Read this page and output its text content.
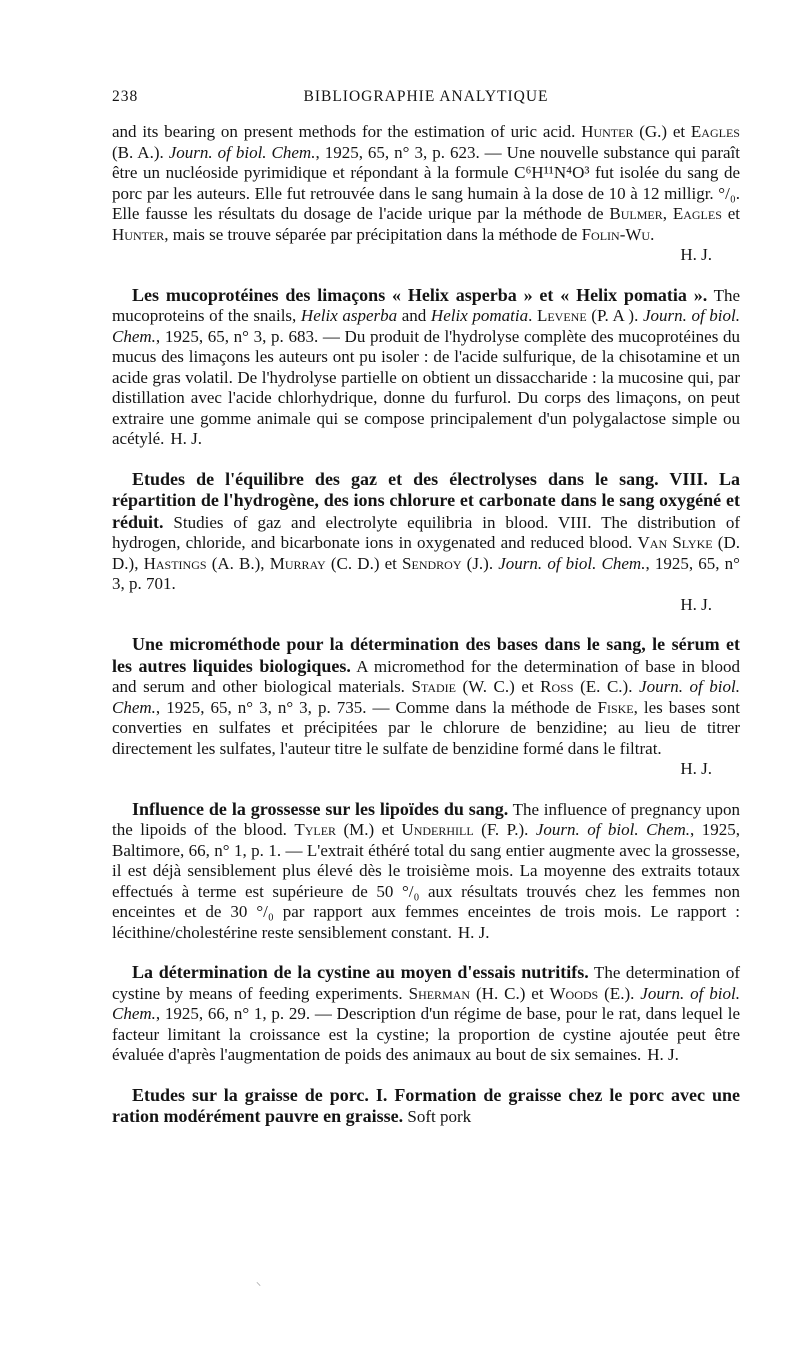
238	BIBLIOGRAPHIE ANALYTIQUE

and its bearing on present methods for the estimation of uric acid. Hunter (G.) et Eagles (B. A.). Journ. of biol. Chem., 1925, 65, n° 3, p. 623. — Une nouvelle substance qui paraît être un nucléoside pyrimidique et répondant à la formule C⁶H¹¹N⁴O³ fut isolée du sang de porc par les auteurs. Elle fut retrouvée dans le sang humain à la dose de 10 à 12 milligr. °/₀. Elle fausse les résultats du dosage de l'acide urique par la méthode de Bulmer, Eagles et Hunter, mais se trouve séparée par précipitation dans la méthode de Folin-Wu.
H. J.

Les mucoprotéines des limaçons « Helix asperba » et « Helix pomatia ». The mucoproteins of the snails, Helix asperba and Helix pomatia. Levene (P. A ). Journ. of biol. Chem., 1925, 65, n° 3, p. 683. — Du produit de l'hydrolyse complète des mucoprotéines du mucus des limaçons les auteurs ont pu isoler : de l'acide sulfurique, de la chisotamine et un acide gras volatil. De l'hydrolyse partielle on obtient un dissaccharide : la mucosine qui, par distillation avec l'acide chlorhydrique, donne du furfurol. Du corps des limaçons, on peut extraire une gomme animale qui se compose principalement d'un polygalactose simple ou acétylé. H. J.

Etudes de l'équilibre des gaz et des électrolyses dans le sang. VIII. La répartition de l'hydrogène, des ions chlorure et carbonate dans le sang oxygéné et réduit. Studies of gaz and electrolyte equilibria in blood. VIII. The distribution of hydrogen, chloride, and bicarbonate ions in oxygenated and reduced blood. Van Slyke (D. D.), Hastings (A. B.), Murray (C. D.) et Sendroy (J.). Journ. of biol. Chem., 1925, 65, n° 3, p. 701.
H. J.

Une microméthode pour la détermination des bases dans le sang, le sérum et les autres liquides biologiques. A micromethod for the determination of base in blood and serum and other biological materials. Stadie (W. C.) et Ross (E. C.). Journ. of biol. Chem., 1925, 65, n° 3, n° 3, p. 735. — Comme dans la méthode de Fiske, les bases sont converties en sulfates et précipitées par le chlorure de benzidine; au lieu de titrer directement les sulfates, l'auteur titre le sulfate de benzidine formé dans le filtrat.
H. J.

Influence de la grossesse sur les lipoïdes du sang. The influence of pregnancy upon the lipoids of the blood. Tyler (M.) et Underhill (F. P.). Journ. of biol. Chem., 1925, Baltimore, 66, n° 1, p. 1. — L'extrait éthéré total du sang entier augmente avec la grossesse, il est déjà sensiblement plus élevé dès le troisième mois. La moyenne des extraits totaux effectués à terme est supérieure de 50 °/₀ aux résultats trouvés chez les femmes non enceintes et de 30 °/₀ par rapport aux femmes enceintes de trois mois. Le rapport : lécithine/cholestérine reste sensiblement constant. H. J.

La détermination de la cystine au moyen d'essais nutritifs. The determination of cystine by means of feeding experiments. Sherman (H. C.) et Woods (E.). Journ. of biol. Chem., 1925, 66, n° 1, p. 29. — Description d'un régime de base, pour le rat, dans lequel le facteur limitant la croissance est la cystine; la proportion de cystine ajoutée peut être évaluée d'après l'augmentation de poids des animaux au bout de six semaines. H. J.

Etudes sur la graisse de porc. I. Formation de graisse chez le porc avec une ration modérément pauvre en graisse. Soft pork

⸜
